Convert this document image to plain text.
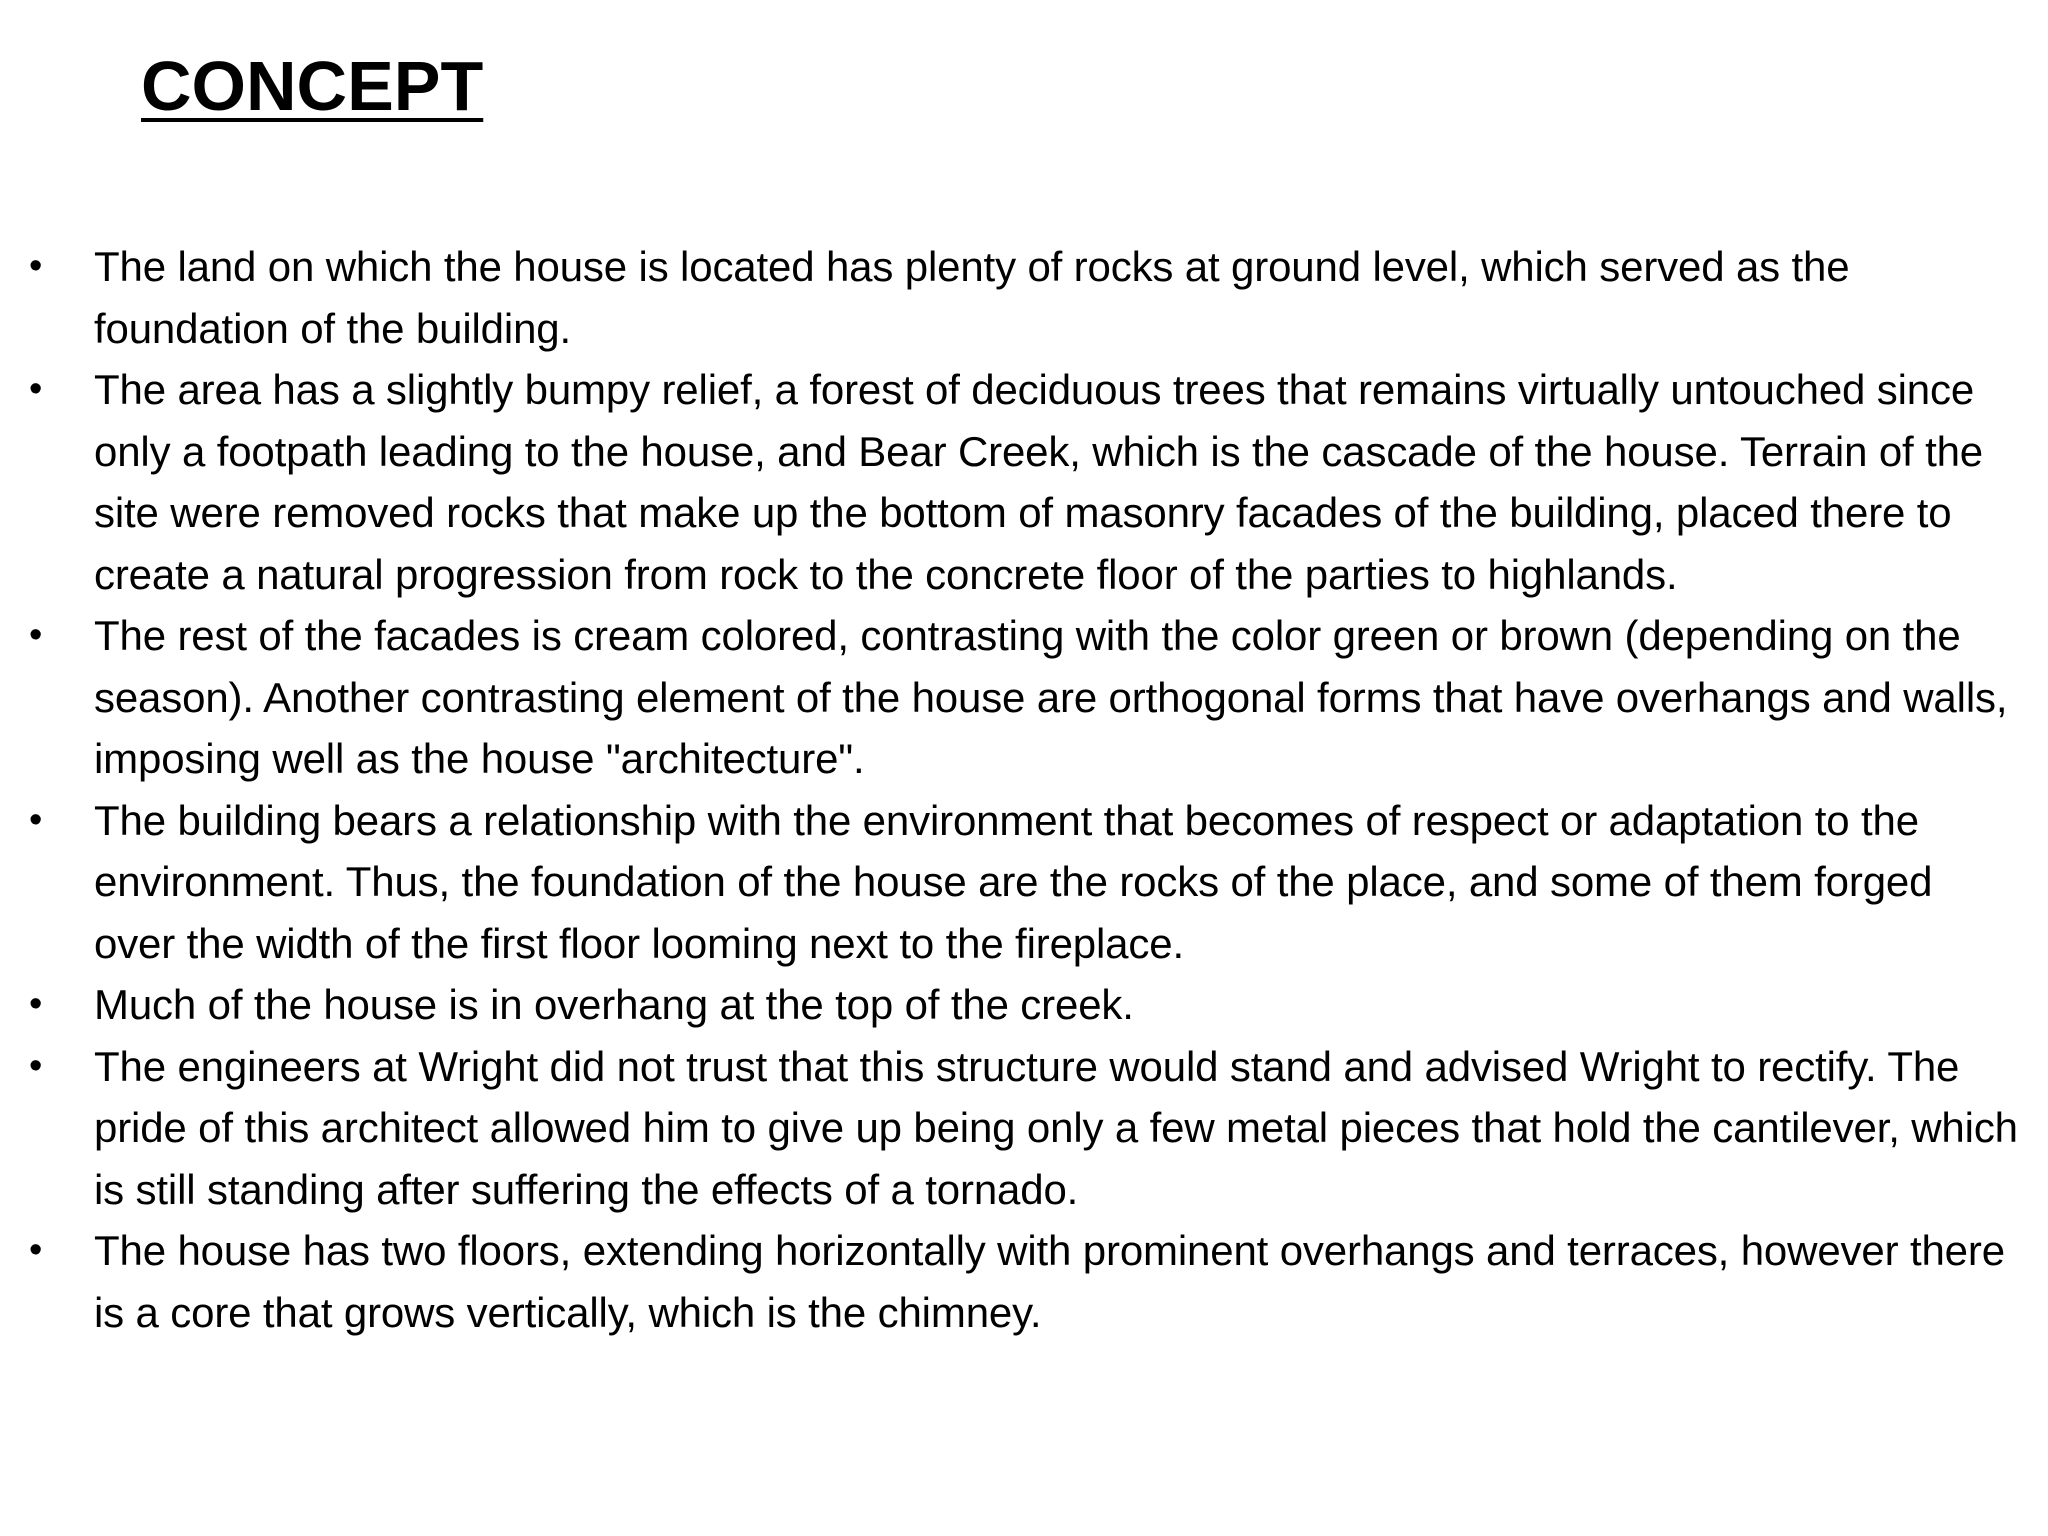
CONCEPT
•	The land on which the house is located has plenty of rocks at ground level, which served as the foundation of the building.
•	The area has a slightly bumpy relief, a forest of deciduous trees that remains virtually untouched since only a footpath leading to the house, and Bear Creek, which is the cascade of the house. Terrain of the site were removed rocks that make up the bottom of masonry facades of the building, placed there to create a natural progression from rock to the concrete floor of the parties to highlands.
•	The rest of the facades is cream colored, contrasting with the color green or brown (depending on the season). Another contrasting element of the house are orthogonal forms that have overhangs and walls, imposing well as the house "architecture".
•	The building bears a relationship with the environment that becomes of respect or adaptation to the environment. Thus, the foundation of the house are the rocks of the place, and some of them forged over the width of the first floor looming next to the fireplace.
•	Much of the house is in overhang at the top of the creek.
•	The engineers at Wright did not trust that this structure would stand and advised Wright to rectify. The pride of this architect allowed him to give up being only a few metal pieces that hold the cantilever, which is still standing after suffering the effects of a tornado.
•	The house has two floors, extending horizontally with prominent overhangs and terraces, however there is a core that grows vertically, which is the chimney.
